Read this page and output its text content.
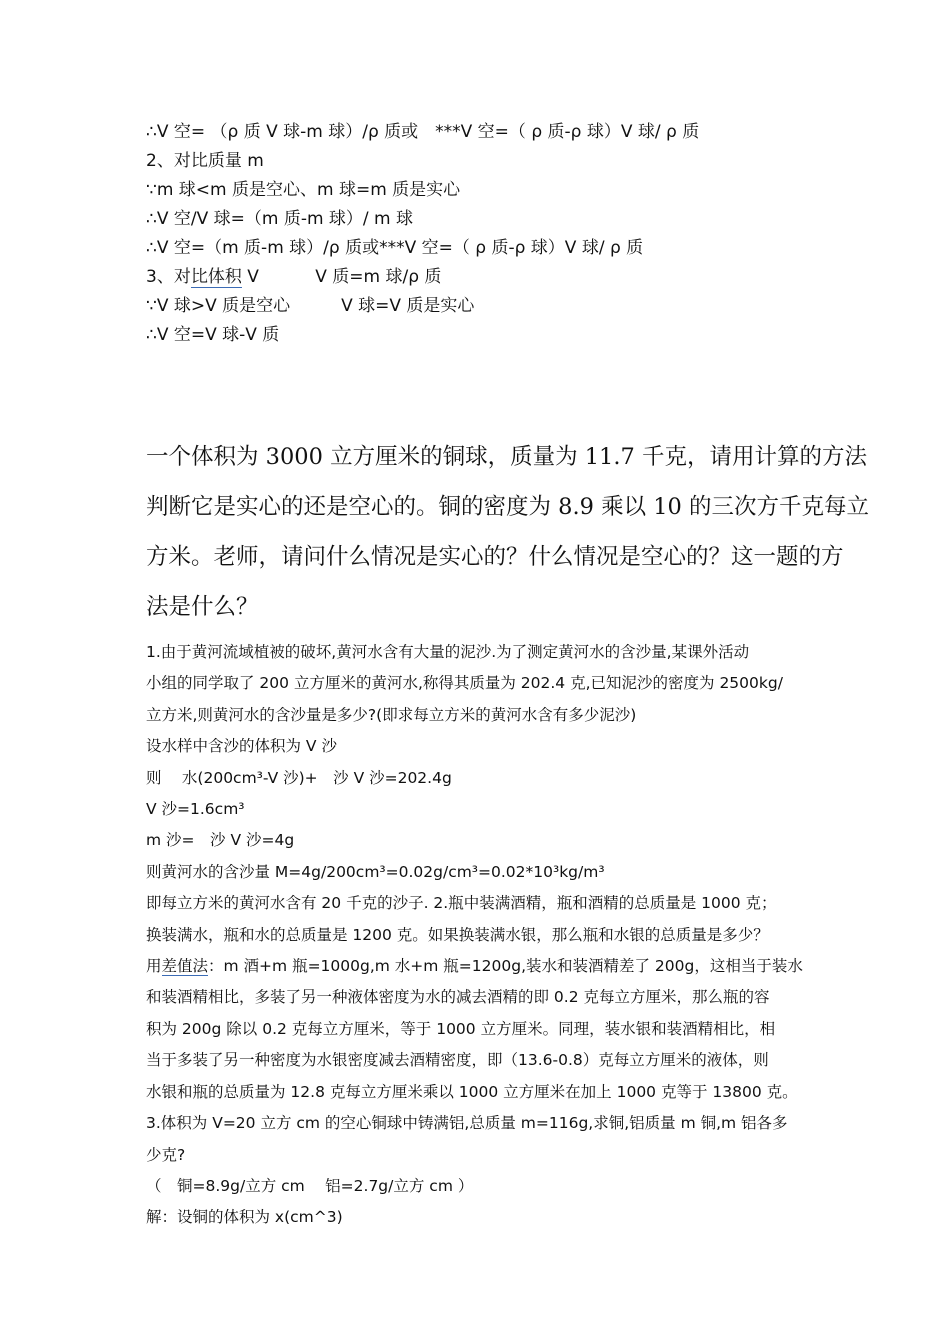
∴V 空= （ρ 质 V 球-m 球）/ρ 质或　***V 空=（ ρ 质-ρ 球）V 球/ ρ 质
2、对比质量 m
∵m 球<m 质是空心、m 球=m 质是实心
∴V 空/V 球=（m 质-m 球）/ m 球
∴V 空=（m 质-m 球）/ρ 质或***V 空=（ ρ 质-ρ 球）V 球/ ρ 质
3、对比体积 V　　　 V 质=m 球/ρ 质
∵V 球>V 质是空心　　　V 球=V 质是实心
∴V 空=V 球-V 质
一个体积为 3000 立方厘米的铜球，质量为 11.7 千克，请用计算的方法
判断它是实心的还是空心的。铜的密度为 8.9 乘以 10 的三次方千克每立
方米。老师，请问什么情况是实心的？什么情况是空心的？这一题的方
法是什么？
1.由于黄河流域植被的破坏,黄河水含有大量的泥沙.为了测定黄河水的含沙量,某课外活动
小组的同学取了 200 立方厘米的黄河水,称得其质量为 202.4 克,已知泥沙的密度为 2500kg/
立方米,则黄河水的含沙量是多少?(即求每立方米的黄河水含有多少泥沙)
设水样中含沙的体积为 V 沙
则　 水(200cm³-V 沙)+　沙 V 沙=202.4g
V 沙=1.6cm³
m 沙=　沙 V 沙=4g
则黄河水的含沙量 M=4g/200cm³=0.02g/cm³=0.02*10³kg/m³
即每立方米的黄河水含有 20 千克的沙子. 2.瓶中装满酒精，瓶和酒精的总质量是 1000 克；
换装满水，瓶和水的总质量是 1200 克。如果换装满水银，那么瓶和水银的总质量是多少？
用差值法：m 酒+m 瓶=1000g,m 水+m 瓶=1200g,装水和装酒精差了 200g，这相当于装水
和装酒精相比，多装了另一种液体密度为水的减去酒精的即 0.2 克每立方厘米，那么瓶的容
积为 200g 除以 0.2 克每立方厘米，等于 1000 立方厘米。同理，装水银和装酒精相比，相
当于多装了另一种密度为水银密度减去酒精密度，即（13.6-0.8）克每立方厘米的液体，则
水银和瓶的总质量为 12.8 克每立方厘米乘以 1000 立方厘米在加上 1000 克等于 13800 克。
3.体积为 V=20 立方 cm 的空心铜球中铸满铝,总质量 m=116g,求铜,铝质量 m 铜,m 铝各多
少克?
（　铜=8.9g/立方 cm　 铝=2.7g/立方 cm ）
解：设铜的体积为 x(cm^3)
